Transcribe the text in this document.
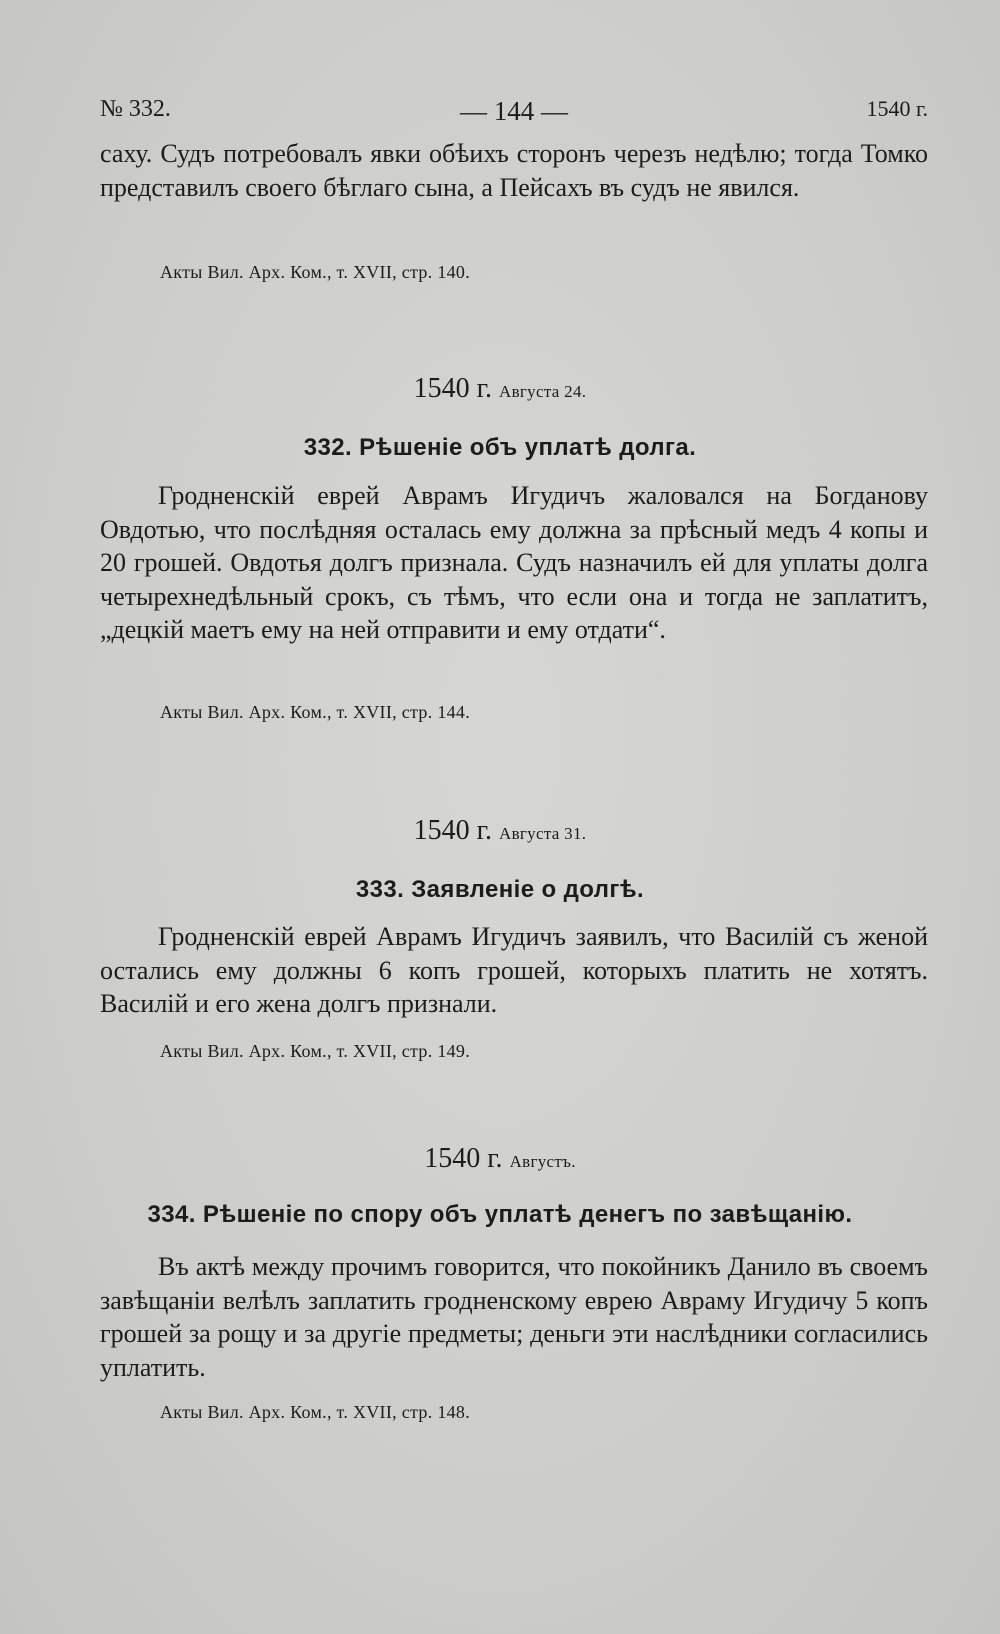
№ 332.	— 144 —	1540 г.

саху. Судъ потребовалъ явки обѣихъ сторонъ черезъ недѣлю; тогда Томко представилъ своего бѣглаго сына, а Пейсахъ въ судъ не явился.

Акты Вил. Арх. Ком., т. XVII, стр. 140.
1540 г. Августа 24.
332. Рѣшеніе объ уплатѣ долга.

Гродненскій еврей Аврамъ Игудичъ жаловался на Богданову Овдотью, что послѣдняя осталась ему должна за прѣсный медъ 4 копы и 20 грошей. Овдотья долгъ признала. Судъ назначилъ ей для уплаты долга четырехнедѣльный срокъ, съ тѣмъ, что если она и тогда не заплатитъ, „децкій маетъ ему на ней отправити и ему отдати“.

Акты Вил. Арх. Ком., т. XVII, стр. 144.
1540 г. Августа 31.
333. Заявленіе о долгѣ.

Гродненскій еврей Аврамъ Игудичъ заявилъ, что Василій съ женой остались ему должны 6 копъ грошей, которыхъ платить не хотятъ. Василій и его жена долгъ признали.

Акты Вил. Арх. Ком., т. XVII, стр. 149.
1540 г. Августъ.
334. Рѣшеніе по спору объ уплатѣ денегъ по завѣщанію.

Въ актѣ между прочимъ говорится, что покойникъ Данило въ своемъ завѣщаніи велѣлъ заплатить гродненскому еврею Авраму Игудичу 5 копъ грошей за рощу и за другіе предметы; деньги эти наслѣдники согласились уплатить.

Акты Вил. Арх. Ком., т. XVII, стр. 148.
